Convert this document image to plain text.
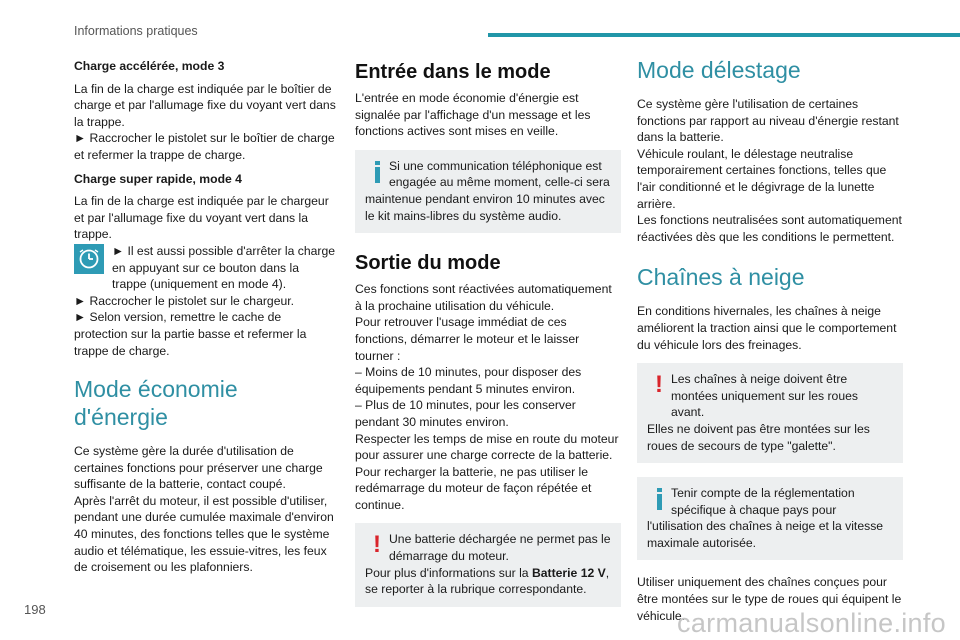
Informations pratiques

Charge accélérée, mode 3

La fin de la charge est indiquée par le boîtier de charge et par l'allumage fixe du voyant vert dans la trappe.

► Raccrocher le pistolet sur le boîtier de charge et refermer la trappe de charge.

Charge super rapide, mode 4

La fin de la charge est indiquée par le chargeur et par l'allumage fixe du voyant vert dans la trappe.

► Il est aussi possible d'arrêter la charge en appuyant sur ce bouton dans la trappe (uniquement en mode 4).

► Raccrocher le pistolet sur le chargeur.

► Selon version, remettre le cache de protection sur la partie basse et refermer la trappe de charge.

Mode économie d'énergie

Ce système gère la durée d'utilisation de certaines fonctions pour préserver une charge suffisante de la batterie, contact coupé.

Après l'arrêt du moteur, il est possible d'utiliser, pendant une durée cumulée maximale d'environ 40 minutes, des fonctions telles que le système audio et télématique, les essuie-vitres, les feux de croisement ou les plafonniers.

Entrée dans le mode

L'entrée en mode économie d'énergie est signalée par l'affichage d'un message et les fonctions actives sont mises en veille.

Si une communication téléphonique est engagée au même moment, celle-ci sera
maintenue pendant environ 10 minutes avec le kit mains-libres du système audio.
Sortie du mode

Ces fonctions sont réactivées automatiquement à la prochaine utilisation du véhicule.

Pour retrouver l'usage immédiat de ces fonctions, démarrer le moteur et le laisser tourner :

– Moins de 10 minutes, pour disposer des équipements pendant 5 minutes environ.

– Plus de 10 minutes, pour les conserver pendant 30 minutes environ.

Respecter les temps de mise en route du moteur pour assurer une charge correcte de la batterie.

Pour recharger la batterie, ne pas utiliser le redémarrage du moteur de façon répétée et continue.

! Une batterie déchargée ne permet pas le démarrage du moteur.
Pour plus d'informations sur la Batterie 12 V, se reporter à la rubrique correspondante.
Mode délestage

Ce système gère l'utilisation de certaines fonctions par rapport au niveau d'énergie restant dans la batterie.

Véhicule roulant, le délestage neutralise temporairement certaines fonctions, telles que l'air conditionné et le dégivrage de la lunette arrière.

Les fonctions neutralisées sont automatiquement réactivées dès que les conditions le permettent.

Chaînes à neige

En conditions hivernales, les chaînes à neige améliorent la traction ainsi que le comportement du véhicule lors des freinages.

! Les chaînes à neige doivent être montées uniquement sur les roues avant.
Elles ne doivent pas être montées sur les roues de secours de type "galette".
Tenir compte de la réglementation spécifique à chaque pays pour
l'utilisation des chaînes à neige et la vitesse maximale autorisée.

Utiliser uniquement des chaînes conçues pour être montées sur le type de roues qui équipent le véhicule.

198	carmanualsonline.info
